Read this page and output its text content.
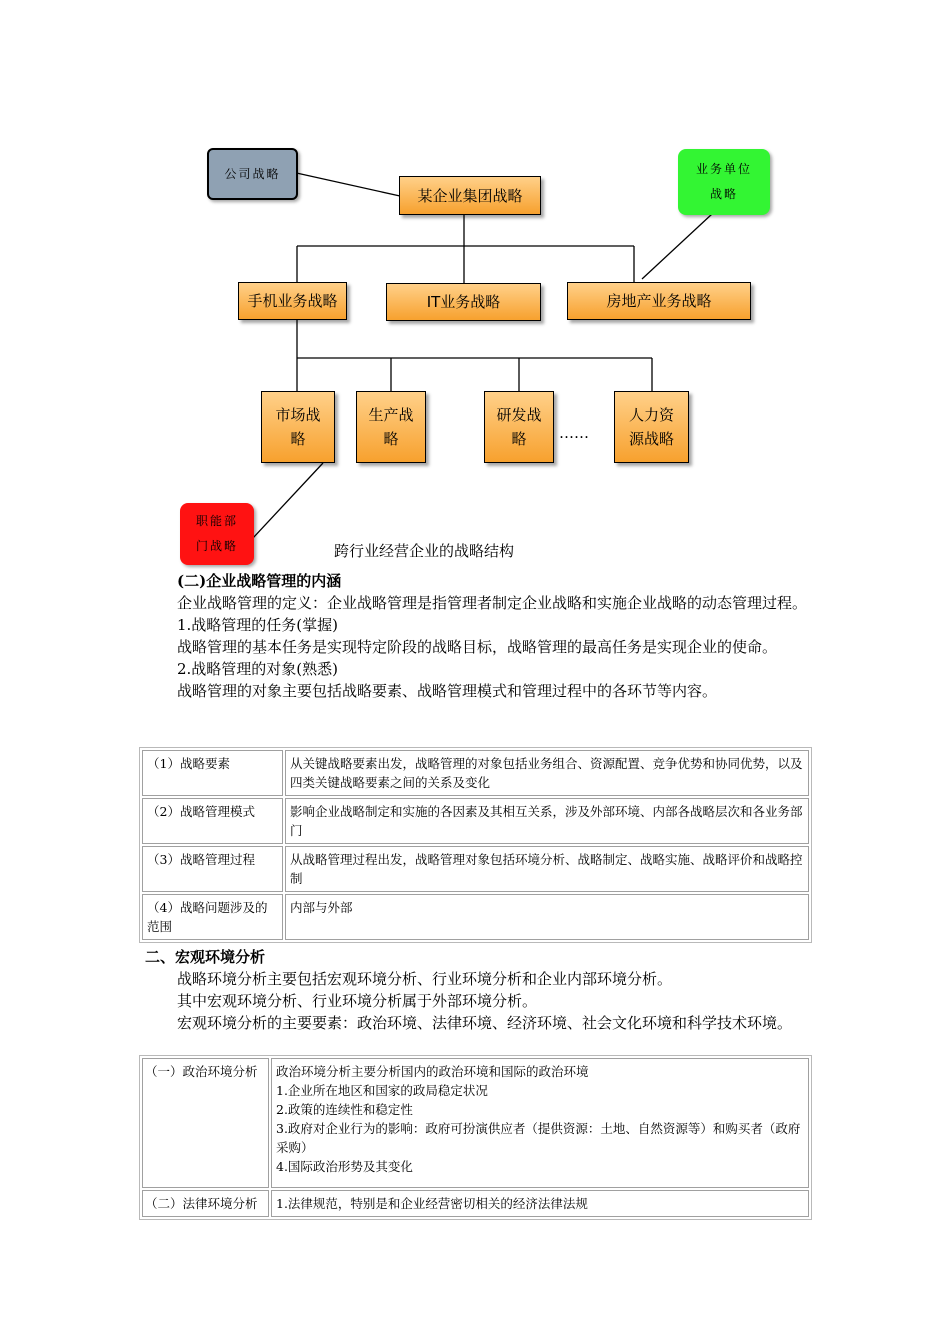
公司战略	业务单位
战略
职能部
门战略
某企业集团战略
手机业务战略	IT业务战略	房地产业务战略
市场战
略
生产战
略
研发战
略
人力资
源战略
……
跨行业经营企业的战略结构

(二)企业战略管理的内涵

企业战略管理的定义：企业战略管理是指管理者制定企业战略和实施企业战略的动态管理过程。

1.战略管理的任务(掌握)

战略管理的基本任务是实现特定阶段的战略目标，战略管理的最高任务是实现企业的使命。

2.战略管理的对象(熟悉)

战略管理的对象主要包括战略要素、战略管理模式和管理过程中的各环节等内容。

（1）战略要素	从关键战略要素出发，战略管理的对象包括业务组合、资源配置、竞争优势和协同优势，以及四类关键战略要素之间的关系及变化
（2）战略管理模式	影响企业战略制定和实施的各因素及其相互关系，涉及外部环境、内部各战略层次和各业务部门
（3）战略管理过程	从战略管理过程出发，战略管理对象包括环境分析、战略制定、战略实施、战略评价和战略控制
（4）战略问题涉及的范围	内部与外部

二、宏观环境分析

战略环境分析主要包括宏观环境分析、行业环境分析和企业内部环境分析。

其中宏观环境分析、行业环境分析属于外部环境分析。

宏观环境分析的主要要素：政治环境、法律环境、经济环境、社会文化环境和科学技术环境。

（一）政治环境分析	政治环境分析主要分析国内的政治环境和国际的政治环境
1.企业所在地区和国家的政局稳定状况
2.政策的连续性和稳定性
3.政府对企业行为的影响：政府可扮演供应者（提供资源：土地、自然资源等）和购买者（政府采购）
4.国际政治形势及其变化

（二）法律环境分析	1.法律规范，特别是和企业经营密切相关的经济法律法规
